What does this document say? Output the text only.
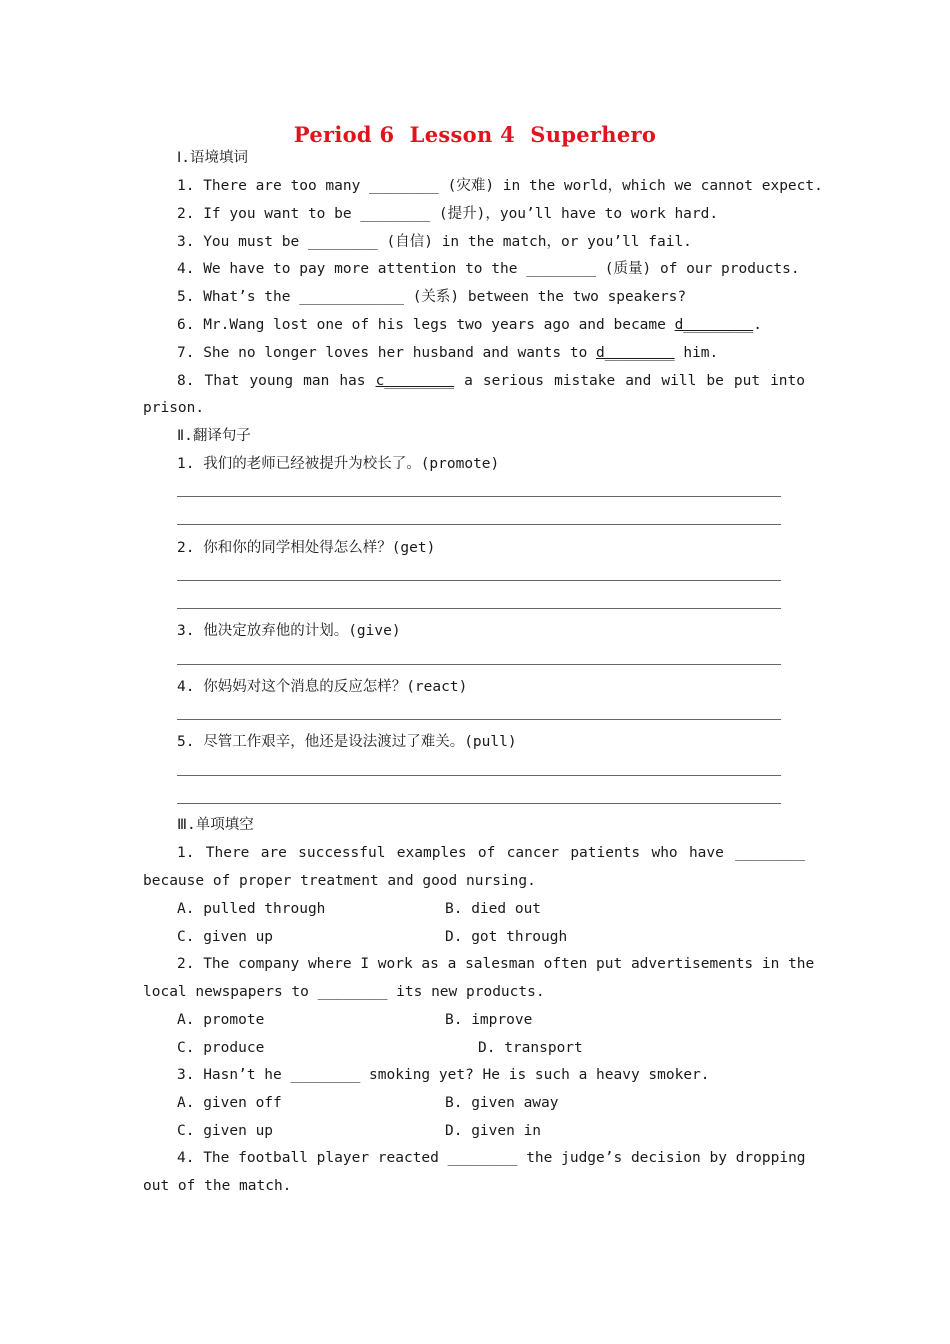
Period 6  Lesson 4  Superhero
Ⅰ.语境填词
1. There are too many ________ (灾难) in the world，which we cannot expect.
2. If you want to be ________ (提升)，you’ll have to work hard.
3. You must be ________ (自信) in the match，or you’ll fail.
4. We have to pay more attention to the ________ (质量) of our products.
5. What’s the ____________ (关系) between the two speakers?
6. Mr.Wang lost one of his legs two years ago and became d________.
7. She no longer loves her husband and wants to d________ him.
8. That young man has c________ a serious mistake and will be put into
prison.
Ⅱ.翻译句子
1. 我们的老师已经被提升为校长了。(promote)
2. 你和你的同学相处得怎么样？(get)
3. 他决定放弃他的计划。(give)
4. 你妈妈对这个消息的反应怎样？(react)
5. 尽管工作艰辛，他还是设法渡过了难关。(pull)
Ⅲ.单项填空
1. There are successful examples of cancer patients who have ________
because of proper treatment and good nursing.
A. pulled through	B. died out
C. given up	D. got through
2. The company where I work as a salesman often put advertisements in the
local newspapers to ________ its new products.
A. promote	B. improve
C. produce	D. transport
3. Hasn’t he ________ smoking yet? He is such a heavy smoker.
A. given off	B. given away
C. given up	D. given in
4. The football player reacted ________ the judge’s decision by dropping
out of the match.
